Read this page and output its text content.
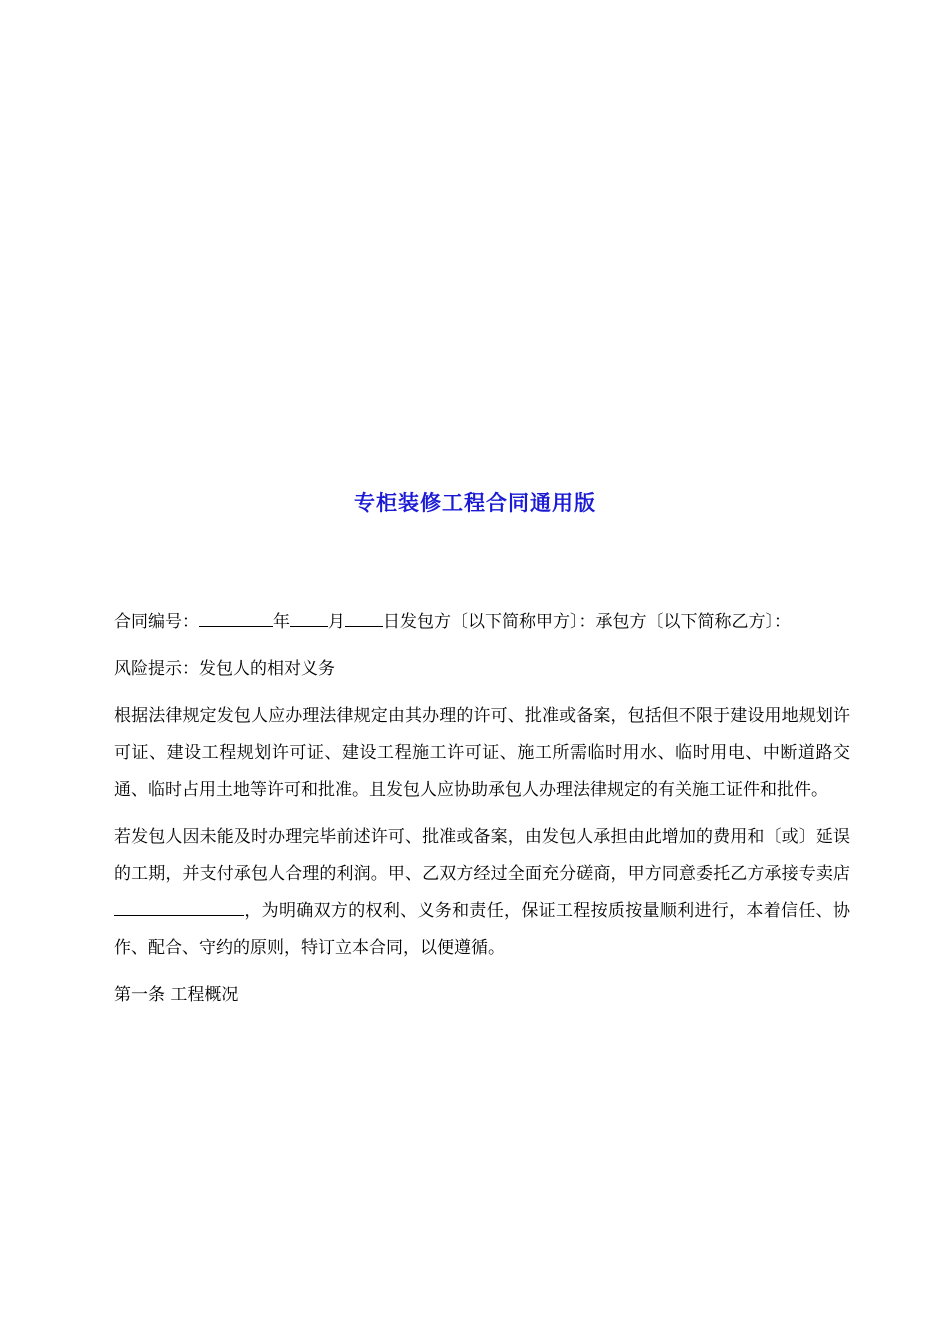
专柜装修工程合同通用版

合同编号：	年 月 日发包方〔以下简称甲方〕：承包方〔以下简称乙方〕：

风险提示：发包人的相对义务

根据法律规定发包人应办理法律规定由其办理的许可、批准或备案，包括但不限于建设用地规划许可证、建设工程规划许可证、建设工程施工许可证、施工所需临时用水、临时用电、中断道路交通、临时占用土地等许可和批准。且发包人应协助承包人办理法律规定的有关施工证件和批件。

若发包人因未能及时办理完毕前述许可、批准或备案，由发包人承担由此增加的费用和〔或〕延误的工期，并支付承包人合理的利润。甲、乙双方经过全面充分磋商，甲方同意委托乙方承接专卖店，为明确双方的权利、义务和责任，保证工程按质按量顺利进行，本着信任、协作、配合、守约的原则，特订立本合同，以便遵循。

第一条 工程概况
